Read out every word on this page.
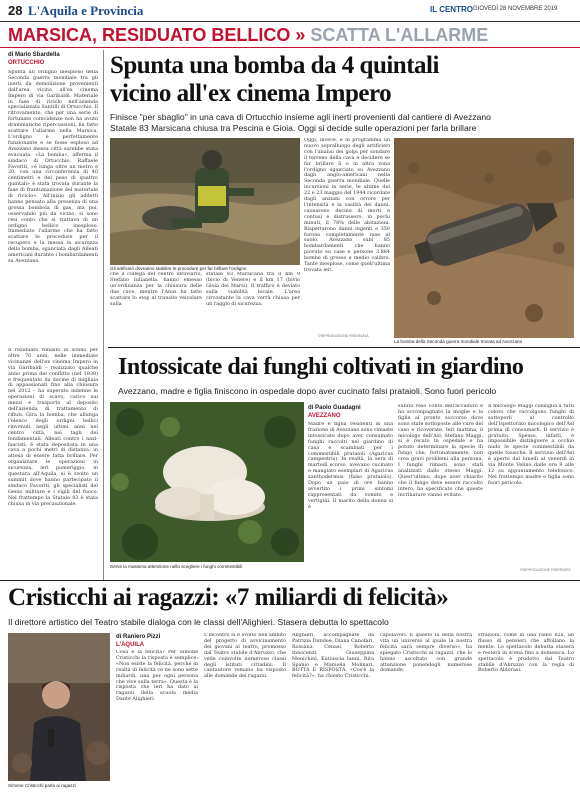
28 L'Aquila e Provincia	IL CENTRO GIOVEDÌ 28 NOVEMBRE 2019
MARSICA, RESIDUATO BELLICO » SCATTA L'ALLARME
di Mario Sbardella
ORTUCCHIO
Spunta un ordigno inesploso della Seconda guerra mondiale tra gli inerti da demolizione provenienti dall'area vicina all'ex cinema Impero di via Garibaldi. Materiale in fase di riciclo nell'azienda specializzata Santilli di Ortucchio. Il ritrovamento, che per una serie di fortunate coincidenze non ha avuto drammatiche ripercussioni, ha fatto scattare l'allarme nella Marsica. L'ordigno è perfettamente funzionante e se fosse esploso ad Avezzano messa città sarebbe stata evacuata. «La bomba», afferma il sindaco di Ortucchio, Raffaele Favoriti, «è lunga oltre un metro e 20, con una circonferenza di 40 centimetri e del peso di quattro quintali» è stata trovata durante la fase di frantumazione del materiale di riciclo». All'inizio gli addetti hanno pensato alla presenza di una grossa bombola di gas, ma poi, osservando più da vicino, si sono resi conto che si trattava di un ordigno bellico inesploso. Immediato l'allarme che ha fatto scattare le procedure per il recupero e la messa in sicurezza della bomba, sganciata dagli Alleati americani durante i bombardamenti su Avezzano.
Il residuato rimasto in sonno per oltre 70 anni, nelle immediate vicinanze dell'ex cinema Impero in via Garibaldi – realizzato qualche anno prima del conflitto (nel 1938) e frequentato da decine di migliaia di appassionati fino alla chiusura nel 2012 – ha superato indenne le operazioni di scavo, carico sui mezzi e trasporto al deposito dell'azienda di trattamento di rifiuti. Gira la bomba, che allunga l'elenco degli ordigni bellici rinvenuti negli ultimi anni nel centro città, nei tagli dei fondamentali. Alleati contro i nazi-fascisti, è stata depositata in una cava a pochi metri di distanza, in attesa di essere fatta brillare. Per organizzare le operazioni in sicurezza, ieri pomeriggio, in questura all'Aquila, si è svolto un summit dove hanno partecipato il sindaco Favoriti, gli specialisti del Genio militare e i vigili del fuoco. Nel frattempo la Statale 83 è stata chiusa in via precauzionale.
Spunta una bomba da 4 quintali
vicino all'ex cinema Impero
Finisce "per sbaglio" in una cava di Ortucchio insieme agli inerti provenienti dal cantiere di Avezzano
Statale 83 Marsicana chiusa tra Pescina e Gioia. Oggi si decide sulle operazioni per farla brillare
Gli artificieri dovranno stabilire le procedure per far brillare l'ordigno
La bomba della Seconda guerra mondiale trovata ad Avezzano
che il collega del centro idroviario, Stefano Iulianella, hanno emesso un'ordinanza per la chiusura delle due cave, mentre l'Anas ha fatto scattare lo stop al transito veicolare sulla
statale 83 Marsicana tra il km 9 (bivio di Venere) e il km 17 (bivio Gioia dei Marsi). Il traffico è deviato sulla viabilità locale. L'area circostante la cava verrà chiusa per un raggio di sicurezza.
Oggi, invece, è in programma un nuovo sopralluogo degli artificieri con l'analisi dei golpi per sondare il terreno della cava e decidere se far brillare lì o in altra zona l'ordigno sganciato su Avezzano dagli anglo-americani nella Seconda guerra mondiale. Quelle incursioni in serie, le ultime del 22 e 23 maggio del 1944 ricordate dagli anziani con orrore per l'intensità e la vastità dei danni, causarono decine di morti e contusi e distrussero, in pochi minuti, il 78% delle abitazioni. Rispettarono danni ingenti e 350 furono completamente rase al suolo. Avezzano subì 85 bombardamenti che hanno piovuto su case e persone 3.884 bombe di grosso e medio calibro. Tante inesplose, come quell'ultima trovata ieri.
©RIPRODUZIONE RISERVATA
Intossicate dai funghi coltivati in giardino
Avezzano, madre e figlia finiscono in ospedale dopo aver cucinato falsi prataioli. Sono fuori pericolo
Serve la massima attenzione nello scegliere i funghi commestibili
di Paolo Guadagni
AVEZZANO
Madre e figlia residenti in una frazione di Avezzano sono rimaste intossicate dopo aver consumato funghi raccolti nel giardino di casa e scambiati per i commestibili prataioli (Agaricus campestris). In realtà, la sera di martedì scorso, avevano cucinato e mangiato esemplari di Agaricus xanthodermus (falso prataiolo). Dopo un paio di ore hanno avvertito i primi sintomi rappresentati da vomito e vertigini. Il marito della donna si è
subito reso conto dell'accaduto e ha accompagnato la moglie e la figlia al pronto soccorso dove sono state sottoposte alle cure del caso e ricoverate. Ieri mattina, il micologo dell'Asl, Stefano Maggi, si è recato in ospedale e ha potuto determinare la specie di fungo che, fortunatamente, non crea gravi problemi alla persona. I funghi rimasti sono stati analizzati dallo stesso Maggi. Quest'ultimo, dopo aver chiarito che il fungo deve essere raccolto intero, ha specificato che queste incrinature vanno evitate.
Il micologo Maggi consiglia a tutti coloro che raccolgono funghi di sottoporli al controllo dell'Ispettorato micologico dell'Asl prima di consumarli. Il servizio è gratuito. Spesso, infatti, è impossibile distinguere a occhio nudo le specie commestibili da quelle tossiche. Il servizio dell'Asl è aperto dal lunedì al venerdì in via Monte Velino dalle ore 9 alle 12 su appuntamento telefonico. Nel frattempo madre e figlia sono fuori pericolo.
©RIPRODUZIONE RISERVATA
Cristicchi ai ragazzi: «7 miliardi di felicità»
Il direttore artistico del Teatro stabile dialoga con le classi dell'Alighieri. Stasera debutta lo spettacolo
Simone Cristicchi parla ai ragazzi
di Raniero Pizzi
L'AQUILA
Cosa è la felicità? Per Simone Cristicchi la risposta è semplice: «Non esiste la felicità, perché in realtà di felicità ce ne sono sette miliardi, una per ogni persona che vive sulla terra». Questa è la risposta che ieri ha dato ai ragazzi della scuola media Dante Alighieri.
L'incontro si è svolto nell'ambito del progetto di avvicinamento dei giovani al teatro, promosso dal Teatro stabile d'Abruzzo, che vede coinvolte numerose classi degli istituti cittadini. Il cantautore romano ha risposto alle domande dei ragazzi.
Alighieri, accompagnate da Patrizia Dundee, Diana Canofari, Rossana Cenasi, Roberto Innocenzi, Giuseppina Menichini, Katiuscia Ianni, Rita Spanio e Manuela Molinari. BOTTA E RISPOSTA. «Cos'è la felicità?», ha chiesto Cristicchi.
capolavori. È questo fa della nostra vita un universo al quale la nostra felicità sarà sempre diverso», ha spiegato Cristicchi ai ragazzi, che lo hanno ascoltato con grande attenzione ponendogli numerose domande.
strazioni, come in una radio b2a, un flusso di pensieri che affollano la mente. Lo spettacolo debutta stasera e resterà in scena fino a domenica. Lo spettacolo è prodotto dal Teatro stabile d'Abruzzo con la regia di Roberto Aldorasi.
